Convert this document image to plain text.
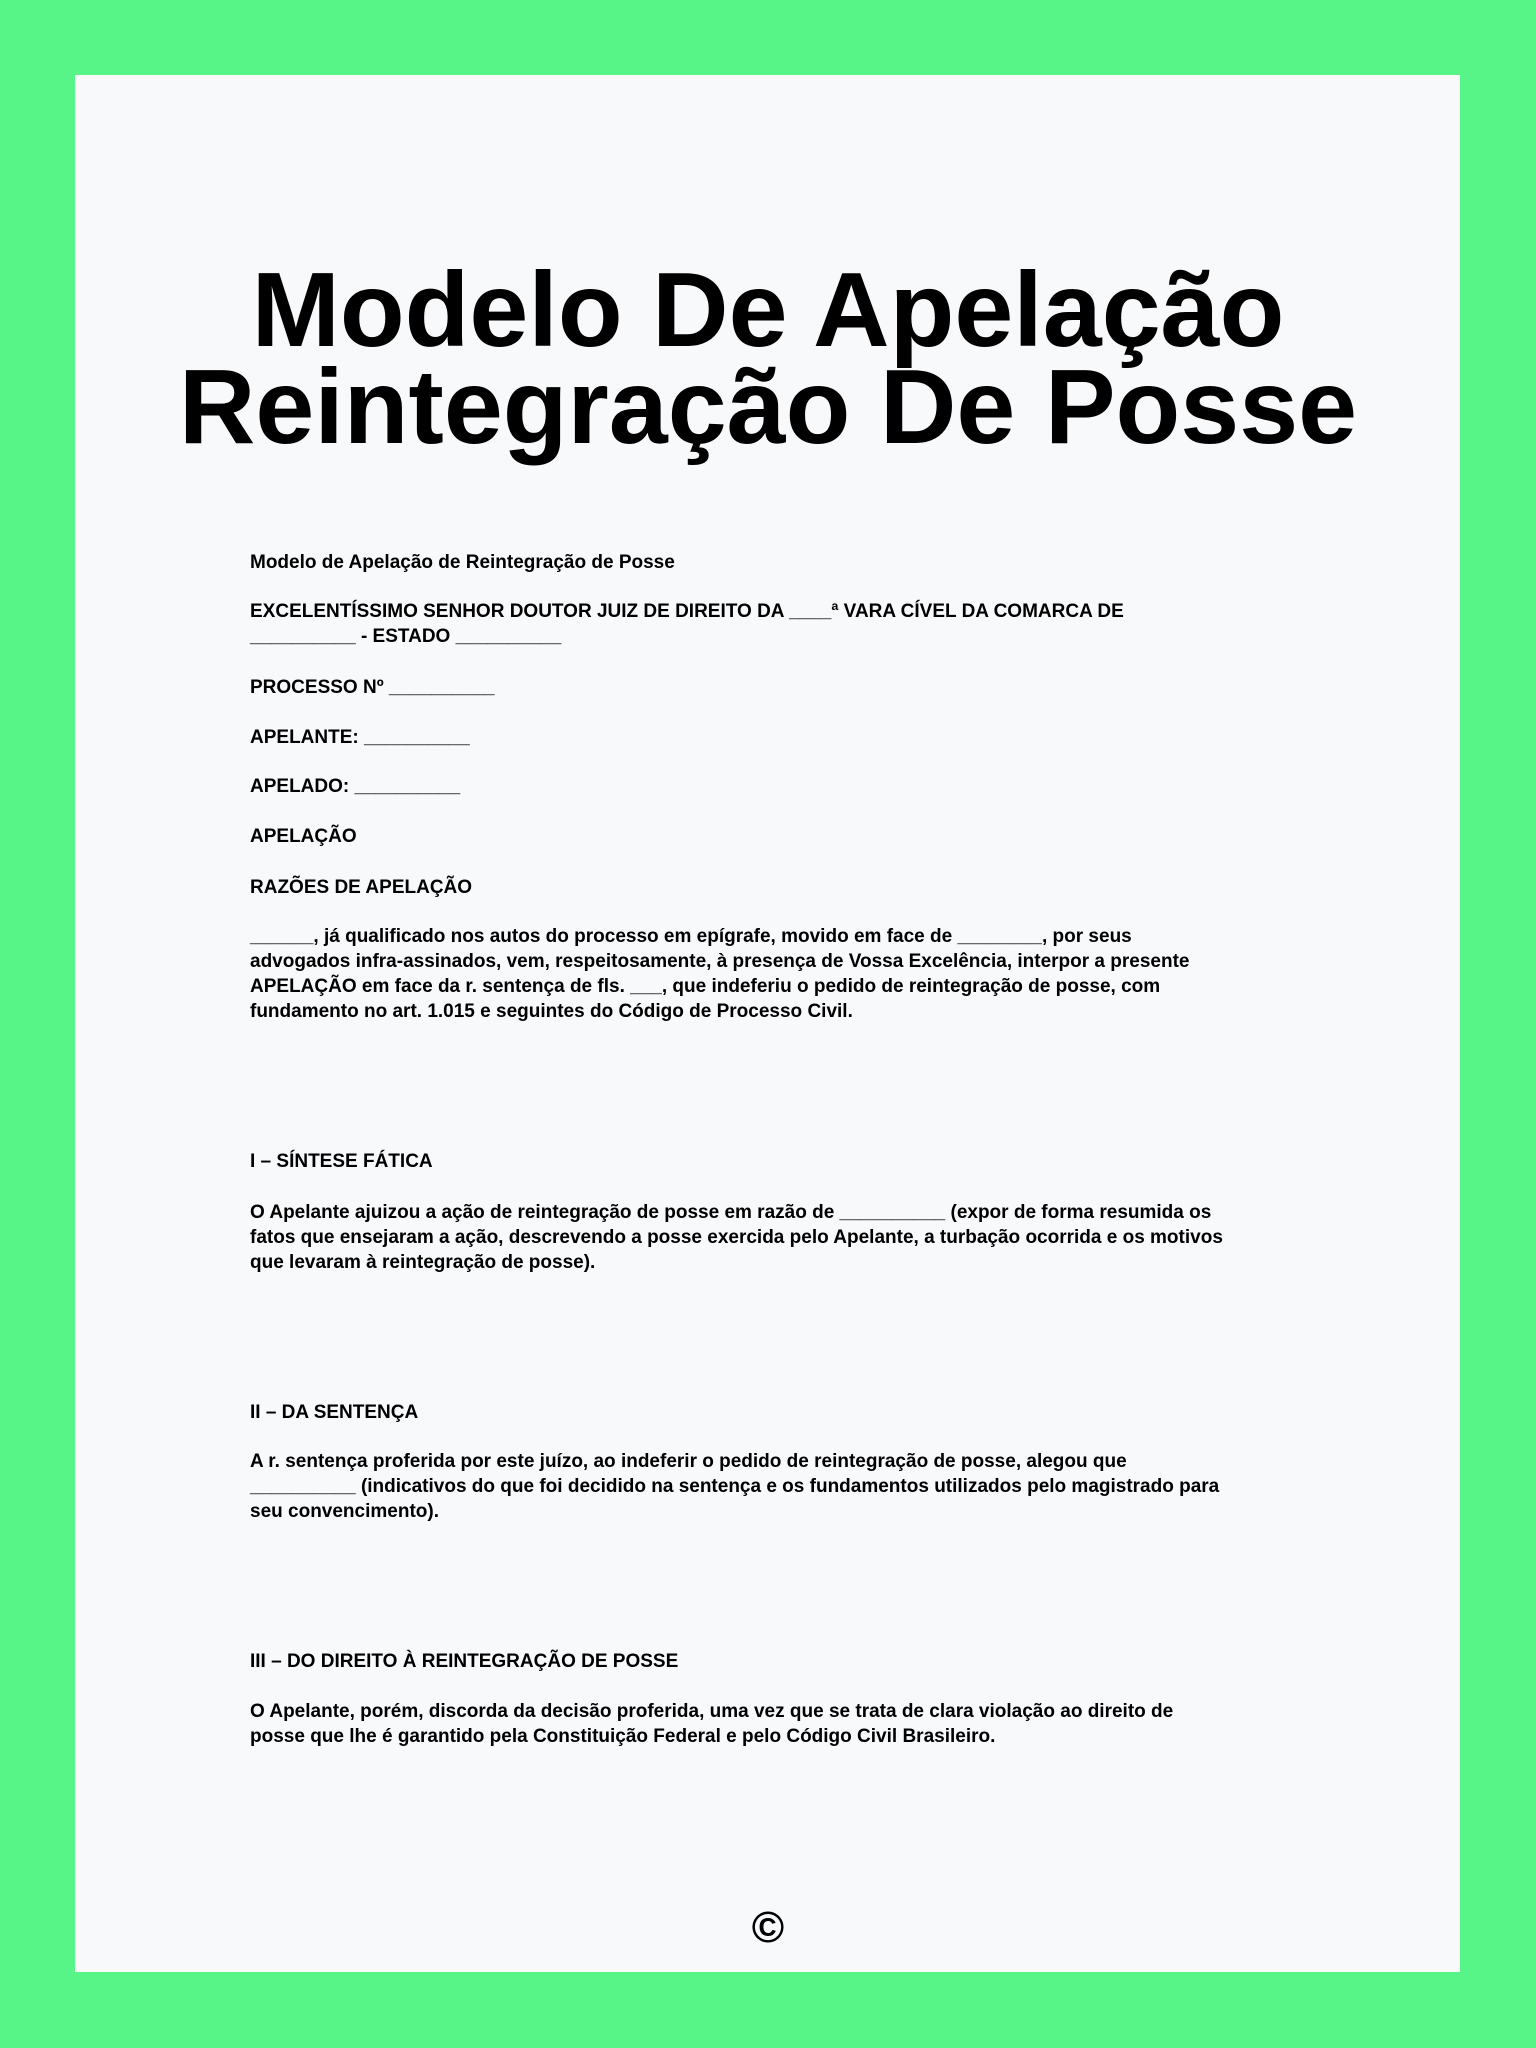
Modelo De Apelação
Reintegração De Posse
Modelo de Apelação de Reintegração de Posse
EXCELENTÍSSIMO SENHOR DOUTOR JUIZ DE DIREITO DA ____ª VARA CÍVEL DA COMARCA DE
__________ - ESTADO __________
PROCESSO Nº __________
APELANTE: __________
APELADO: __________
APELAÇÃO
RAZÕES DE APELAÇÃO
______, já qualificado nos autos do processo em epígrafe, movido em face de ________, por seus
advogados infra-assinados, vem, respeitosamente, à presença de Vossa Excelência, interpor a presente
APELAÇÃO em face da r. sentença de fls. ___, que indeferiu o pedido de reintegração de posse, com
fundamento no art. 1.015 e seguintes do Código de Processo Civil.
I – SÍNTESE FÁTICA
O Apelante ajuizou a ação de reintegração de posse em razão de __________ (expor de forma resumida os
fatos que ensejaram a ação, descrevendo a posse exercida pelo Apelante, a turbação ocorrida e os motivos
que levaram à reintegração de posse).
II – DA SENTENÇA
A r. sentença proferida por este juízo, ao indeferir o pedido de reintegração de posse, alegou que
__________ (indicativos do que foi decidido na sentença e os fundamentos utilizados pelo magistrado para
seu convencimento).
III – DO DIREITO À REINTEGRAÇÃO DE POSSE
O Apelante, porém, discorda da decisão proferida, uma vez que se trata de clara violação ao direito de
posse que lhe é garantido pela Constituição Federal e pelo Código Civil Brasileiro.
©
